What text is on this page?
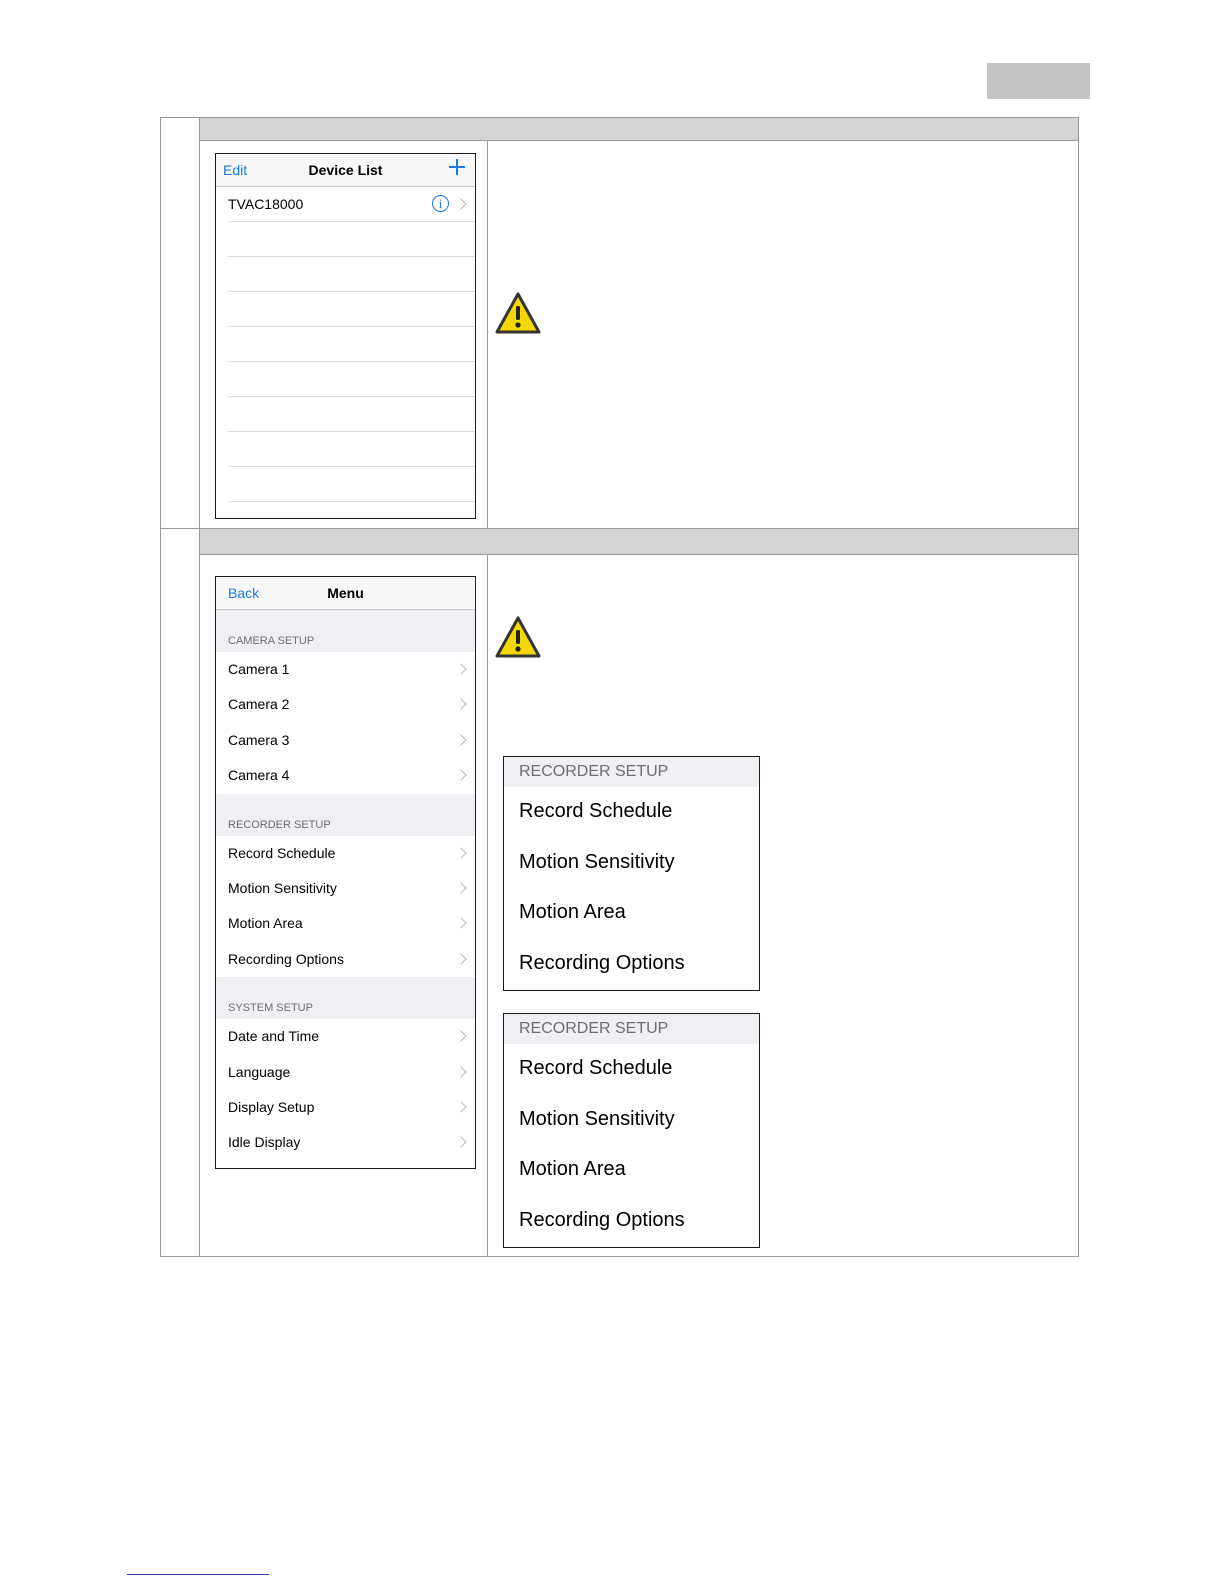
Edit	Device List
TVAC18000	i
Back	Menu
CAMERA SETUP
Camera 1
Camera 2
Camera 3
Camera 4
RECORDER SETUP
Record Schedule
Motion Sensitivity
Motion Area
Recording Options
SYSTEM SETUP
Date and Time
Language
Display Setup
Idle Display
RECORDER SETUP
Record Schedule
Motion Sensitivity
Motion Area
Recording Options
RECORDER SETUP
Record Schedule
Motion Sensitivity
Motion Area
Recording Options
